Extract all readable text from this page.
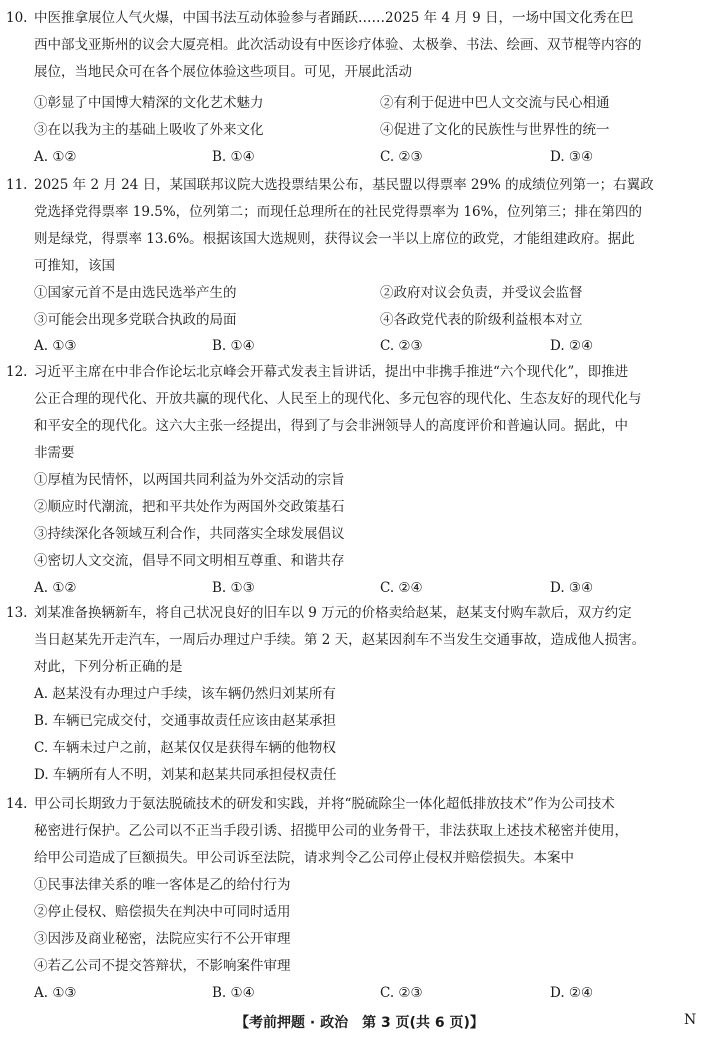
10. 中医推拿展位人气火爆，中国书法互动体验参与者踊跃……2025 年 4 月 9 日，一场中国文化秀在巴
西中部戈亚斯州的议会大厦亮相。此次活动设有中医诊疗体验、太极拳、书法、绘画、双节棍等内容的
展位，当地民众可在各个展位体验这些项目。可见，开展此活动
①彰显了中国博大精深的文化艺术魅力	②有利于促进中巴人文交流与民心相通
③在以我为主的基础上吸收了外来文化	④促进了文化的民族性与世界性的统一
A. ①②	B. ①④	C. ②③	D. ③④
11. 2025 年 2 月 24 日，某国联邦议院大选投票结果公布，基民盟以得票率 29% 的成绩位列第一；右翼政
党选择党得票率 19.5%，位列第二；而现任总理所在的社民党得票率为 16%，位列第三；排在第四的
则是绿党，得票率 13.6%。根据该国大选规则，获得议会一半以上席位的政党，才能组建政府。据此
可推知，该国
①国家元首不是由选民选举产生的	②政府对议会负责，并受议会监督
③可能会出现多党联合执政的局面	④各政党代表的阶级利益根本对立
A. ①③	B. ①④	C. ②③	D. ②④
12. 习近平主席在中非合作论坛北京峰会开幕式发表主旨讲话，提出中非携手推进“六个现代化”，即推进
公正合理的现代化、开放共赢的现代化、人民至上的现代化、多元包容的现代化、生态友好的现代化与
和平安全的现代化。这六大主张一经提出，得到了与会非洲领导人的高度评价和普遍认同。据此，中
非需要
①厚植为民情怀，以两国共同利益为外交活动的宗旨
②顺应时代潮流，把和平共处作为两国外交政策基石
③持续深化各领域互利合作，共同落实全球发展倡议
④密切人文交流，倡导不同文明相互尊重、和谐共存
A. ①②	B. ①③	C. ②④	D. ③④
13. 刘某准备换辆新车，将自己状况良好的旧车以 9 万元的价格卖给赵某，赵某支付购车款后，双方约定
当日赵某先开走汽车，一周后办理过户手续。第 2 天，赵某因刹车不当发生交通事故，造成他人损害。
对此，下列分析正确的是
A. 赵某没有办理过户手续，该车辆仍然归刘某所有
B. 车辆已完成交付，交通事故责任应该由赵某承担
C. 车辆未过户之前，赵某仅仅是获得车辆的他物权
D. 车辆所有人不明，刘某和赵某共同承担侵权责任
14. 甲公司长期致力于氨法脱硫技术的研发和实践，并将“脱硫除尘一体化超低排放技术”作为公司技术
秘密进行保护。乙公司以不正当手段引诱、招揽甲公司的业务骨干，非法获取上述技术秘密并使用，
给甲公司造成了巨额损失。甲公司诉至法院，请求判令乙公司停止侵权并赔偿损失。本案中
①民事法律关系的唯一客体是乙的给付行为
②停止侵权、赔偿损失在判决中可同时适用
③因涉及商业秘密，法院应实行不公开审理
④若乙公司不提交答辩状，不影响案件审理
A. ①③	B. ①④	C. ②③	D. ②④
【考前押题 · 政治　第 3 页(共 6 页)】	N
